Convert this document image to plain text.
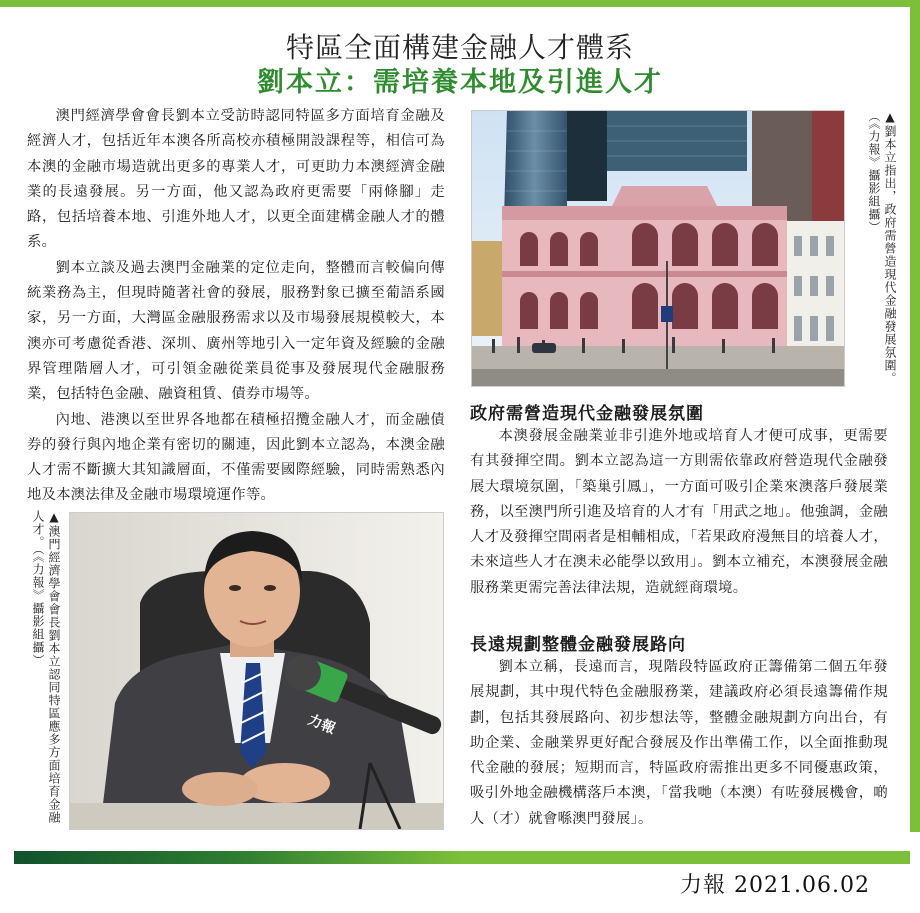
特區全面構建金融人才體系
劉本立：需培養本地及引進人才

澳門經濟學會會長劉本立受訪時認同特區多方面培育金融及經濟人才，包括近年本澳各所高校亦積極開設課程等，相信可為本澳的金融市場造就出更多的專業人才，可更助力本澳經濟金融業的長遠發展。另一方面，他又認為政府更需要「兩條腳」走路，包括培養本地、引進外地人才，以更全面建構金融人才的體系。

劉本立談及過去澳門金融業的定位走向，整體而言較偏向傳統業務為主，但現時隨著社會的發展，服務對象已擴至葡語系國家，另一方面，大灣區金融服務需求以及市場發展規模較大，本澳亦可考慮從香港、深圳、廣州等地引入一定年資及經驗的金融界管理階層人才，可引領金融從業員從事及發展現代金融服務業，包括特色金融、融資租賃、債券市場等。

內地、港澳以至世界各地都在積極招攬金融人才，而金融債券的發行與內地企業有密切的關連，因此劉本立認為，本澳金融人才需不斷擴大其知識層面，不僅需要國際經驗，同時需熟悉內地及本澳法律及金融市場環境運作等。

▲劉本立指出，政府需營造現代金融發展氛圍。（《力報》攝影組攝）
政府需營造現代金融發展氛圍

本澳發展金融業並非引進外地或培育人才便可成事，更需要有其發揮空間。劉本立認為這一方則需依靠政府營造現代金融發展大環境氛圍，「築巢引鳳」，一方面可吸引企業來澳落戶發展業務，以至澳門所引進及培育的人才有「用武之地」。他強調，金融人才及發揮空間兩者是相輔相成，「若果政府漫無目的培養人才，未來這些人才在澳未必能學以致用」。劉本立補充，本澳發展金融服務業更需完善法律法規，造就經商環境。

長遠規劃整體金融發展路向

劉本立稱，長遠而言，現階段特區政府正籌備第二個五年發展規劃，其中現代特色金融服務業，建議政府必須長遠籌備作規劃，包括其發展路向、初步想法等，整體金融規劃方向出台，有助企業、金融業界更好配合發展及作出準備工作，以全面推動現代金融的發展；短期而言，特區政府需推出更多不同優惠政策，吸引外地金融機構落戶本澳，「當我哋（本澳）有咗發展機會，啲人（才）就會喺澳門發展」。

▲澳門經濟學會會長劉本立認同特區應多方面培育金融人才。（《力報》攝影組攝）
力報
力報 2021.06.02
